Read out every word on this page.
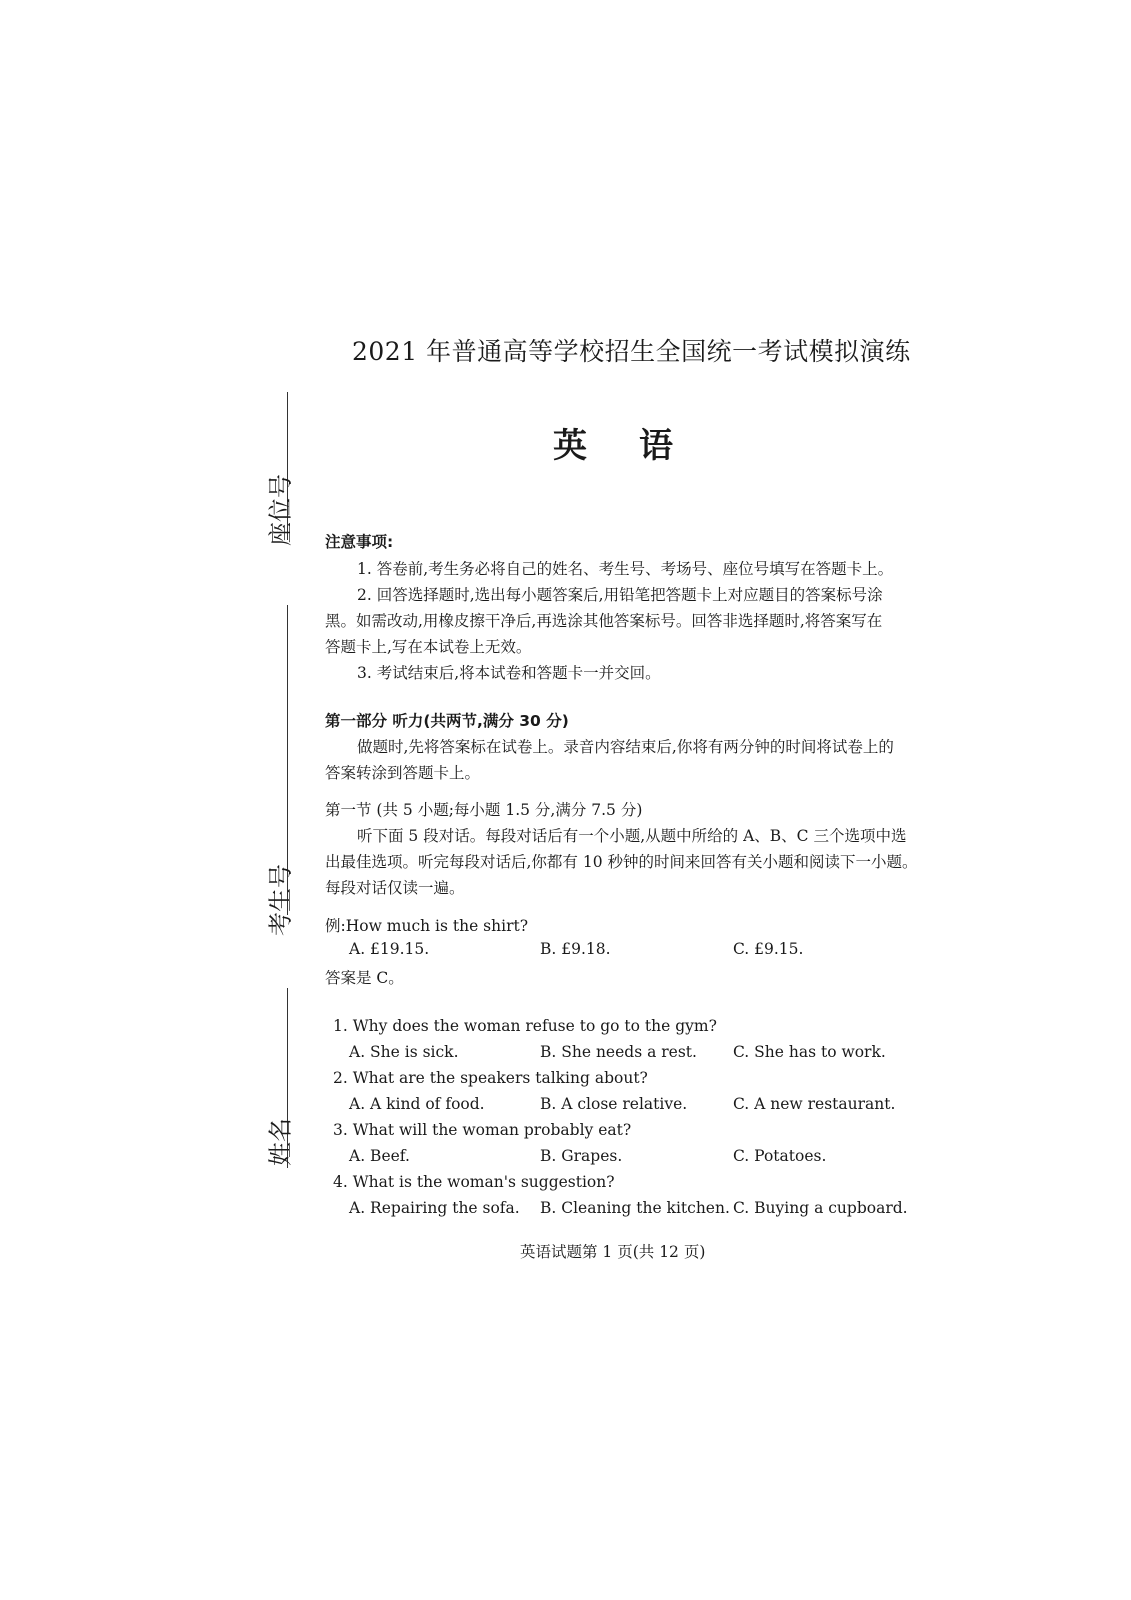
座位号
考生号
姓名
2021 年普通高等学校招生全国统一考试模拟演练
英语
注意事项:
1. 答卷前,考生务必将自己的姓名、考生号、考场号、座位号填写在答题卡上。
2. 回答选择题时,选出每小题答案后,用铅笔把答题卡上对应题目的答案标号涂
黑。如需改动,用橡皮擦干净后,再选涂其他答案标号。回答非选择题时,将答案写在
答题卡上,写在本试卷上无效。
3. 考试结束后,将本试卷和答题卡一并交回。
第一部分 听力(共两节,满分 30 分)
做题时,先将答案标在试卷上。录音内容结束后,你将有两分钟的时间将试卷上的
答案转涂到答题卡上。
第一节 (共 5 小题;每小题 1.5 分,满分 7.5 分)
听下面 5 段对话。每段对话后有一个小题,从题中所给的 A、B、C 三个选项中选
出最佳选项。听完每段对话后,你都有 10 秒钟的时间来回答有关小题和阅读下一小题。
每段对话仅读一遍。
例:How much is the shirt?
A. £19.15.	B. £9.18.	C. £9.15.
答案是 C。
1. Why does the woman refuse to go to the gym?
A. She is sick.	B. She needs a rest. C. She has to work.
2. What are the speakers talking about?
A. A kind of food.	B. A close relative.	C. A new restaurant.
3. What will the woman probably eat?
A. Beef.	B. Grapes.	C. Potatoes.
4. What is the woman's suggestion?
A. Repairing the sofa. B. Cleaning the kitchen. C. Buying a cupboard.
英语试题第 1 页(共 12 页)
